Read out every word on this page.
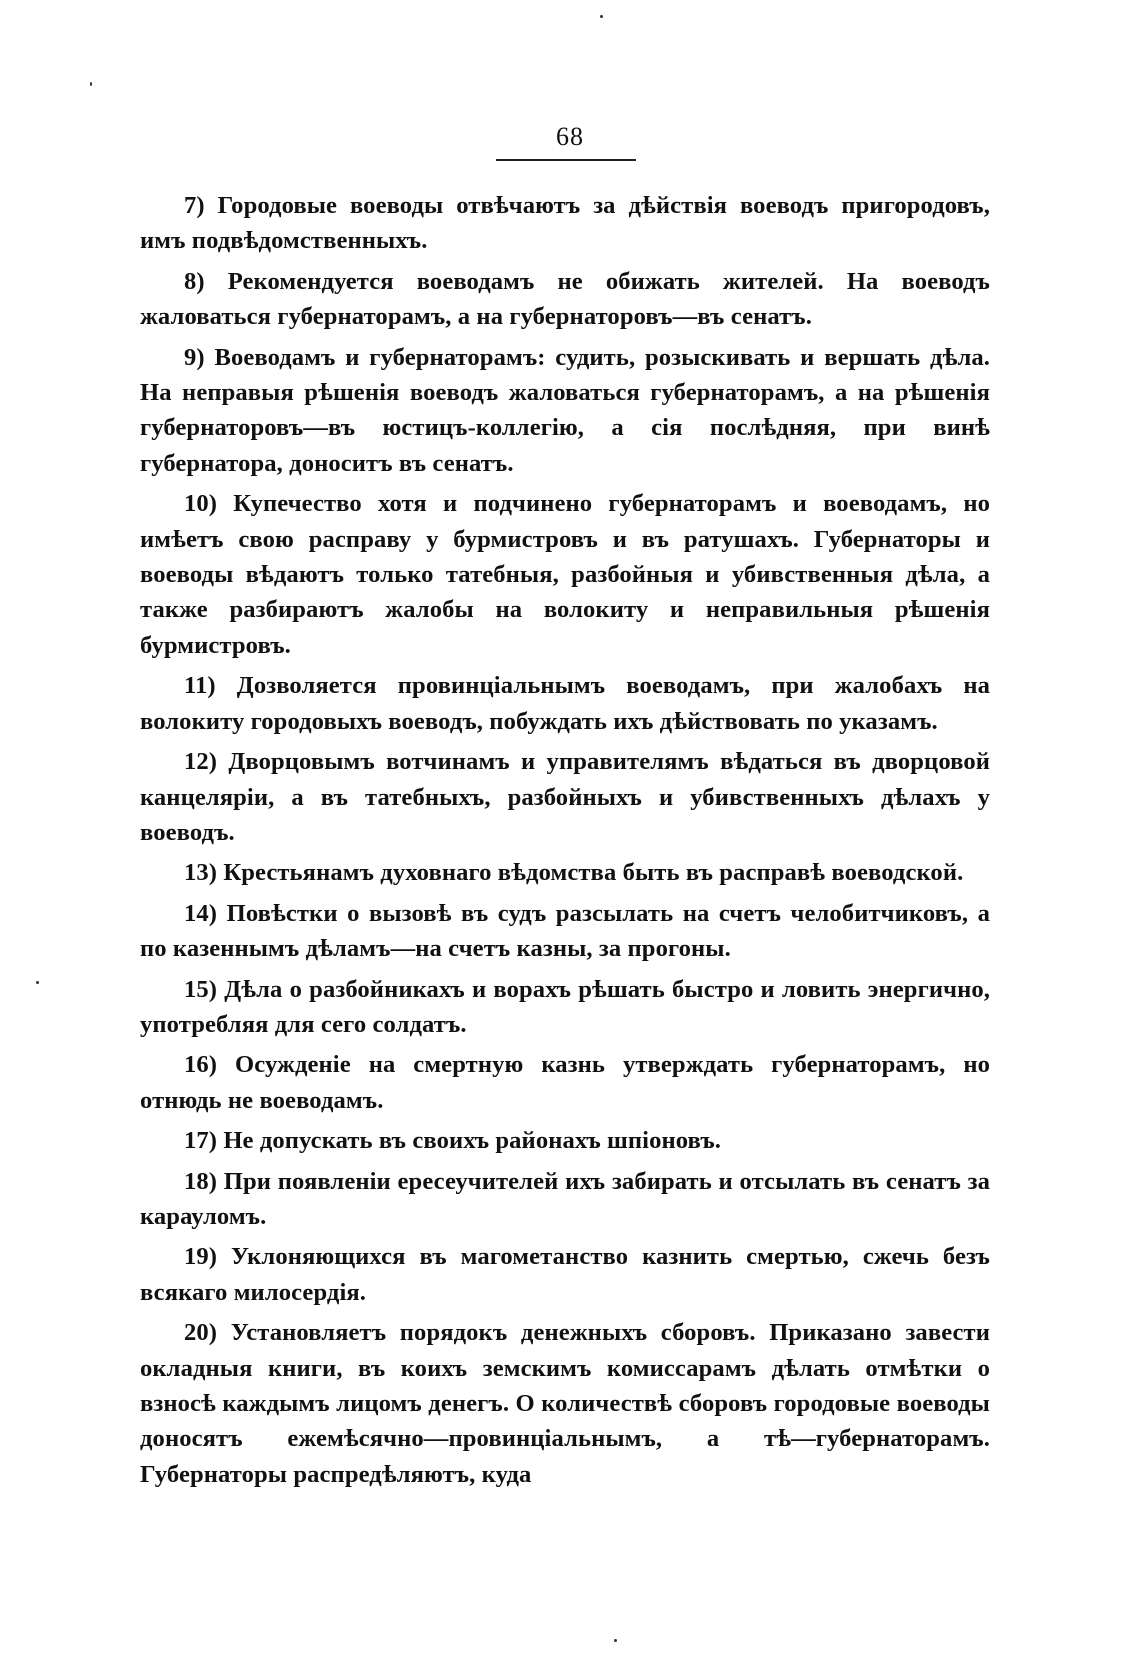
68

7) Городовые воеводы отвѣчаютъ за дѣйствія воеводъ пригородовъ, имъ подвѣдомственныхъ.

8) Рекомендуется воеводамъ не обижать жителей. На воеводъ жаловаться губернаторамъ, а на губернаторовъ—въ сенатъ.

9) Воеводамъ и губернаторамъ: судить, розыскивать и вершать дѣла. На неправыя рѣшенія воеводъ жаловаться губернаторамъ, а на рѣшенія губернаторовъ—въ юстицъ-коллегію, а сія послѣдняя, при винѣ губернатора, доноситъ въ сенатъ.

10) Купечество хотя и подчинено губернаторамъ и воеводамъ, но имѣетъ свою расправу у бурмистровъ и въ ратушахъ. Губернаторы и воеводы вѣдаютъ только татебныя, разбойныя и убивственныя дѣла, а также разбираютъ жалобы на волокиту и неправильныя рѣшенія бурмистровъ.

11) Дозволяется провинціальнымъ воеводамъ, при жалобахъ на волокиту городовыхъ воеводъ, побуждать ихъ дѣйствовать по указамъ.

12) Дворцовымъ вотчинамъ и управителямъ вѣдаться въ дворцовой канцеляріи, а въ татебныхъ, разбойныхъ и убивственныхъ дѣлахъ у воеводъ.

13) Крестьянамъ духовнаго вѣдомства быть въ расправѣ воеводской.

14) Повѣстки о вызовѣ въ судъ разсылать на счетъ челобитчиковъ, а по казеннымъ дѣламъ—на счетъ казны, за прогоны.

15) Дѣла о разбойникахъ и ворахъ рѣшать быстро и ловить энергично, употребляя для сего солдатъ.

16) Осужденіе на смертную казнь утверждать губернаторамъ, но отнюдь не воеводамъ.

17) Не допускать въ своихъ районахъ шпіоновъ.

18) При появленіи ересеучителей ихъ забирать и отсылать въ сенатъ за карауломъ.

19) Уклоняющихся въ магометанство казнить смертью, сжечь безъ всякаго милосердія.

20) Установляетъ порядокъ денежныхъ сборовъ. Приказано завести окладныя книги, въ коихъ земскимъ комиссарамъ дѣлать отмѣтки о взносѣ каждымъ лицомъ денегъ. О количествѣ сборовъ городовые воеводы доносятъ ежемѣсячно—провинціальнымъ, а тѣ—губернаторамъ. Губернаторы распредѣляютъ, куда
